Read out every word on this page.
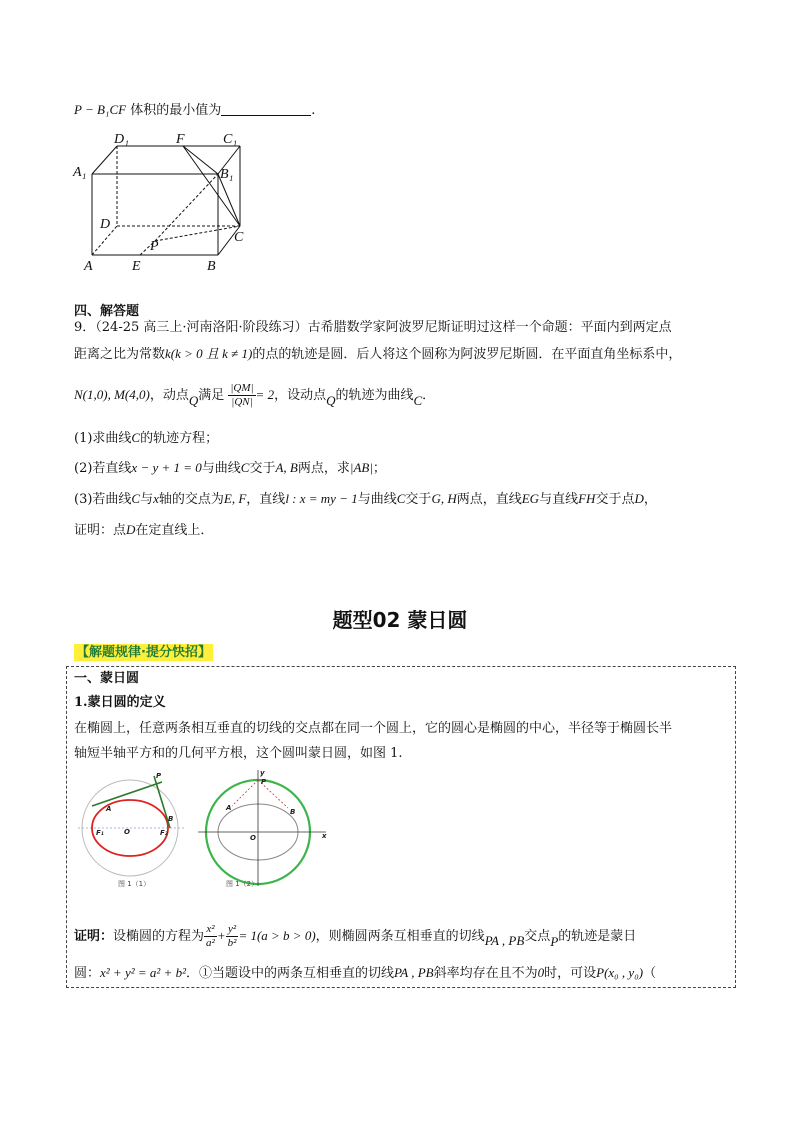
P − B₁CF 体积的最小值为	.
D₁	F	C₁
A₁	B₁
D
C
P
A	E	B
四、解答题
9．（24-25 高三上·河南洛阳·阶段练习）古希腊数学家阿波罗尼斯证明过这样一个命题：平面内到两定点
距离之比为常数k(k > 0 且 k ≠ 1)的点的轨迹是圆．后人将这个圆称为阿波罗尼斯圆．在平面直角坐标系中，
N(1,0), M(4,0)，动点Q满足 $\frac{|QM|}{|QN|} = 2$，设动点Q的轨迹为曲线C．
(1)求曲线C的轨迹方程；
(2)若直线x − y + 1 = 0与曲线C交于A, B两点，求|AB|；
(3)若曲线C与x轴的交点为E, F，直线l : x = my − 1与曲线C交于G, H两点，直线EG与直线FH交于点D，
证明：点D在定直线上．
题型02 蒙日圆
【解题规律·提分快招】
一、蒙日圆
1.蒙日圆的定义
在椭圆上，任意两条相互垂直的切线的交点都在同一个圆上，它的圆心是椭圆的中心，半径等于椭圆长半
轴短半轴平方和的几何平方根，这个圆叫蒙日圆，如图 1.
P
A
B
F₁	O	F₂
图 1（1）
y
P
A	B
O	x
图 1（2）
证明：设椭圆的方程为 $\frac{\text{x²}}{\text{a²}} + \frac{\text{y²}}{\text{b²}} = 1(a > b > 0)$，则椭圆两条互相垂直的切线PA , PB交点P的轨迹是蒙日
圆：x² + y² = a² + b²．①当题设中的两条互相垂直的切线PA , PB斜率均存在且不为0时，可设P(x₀ , y₀)（
